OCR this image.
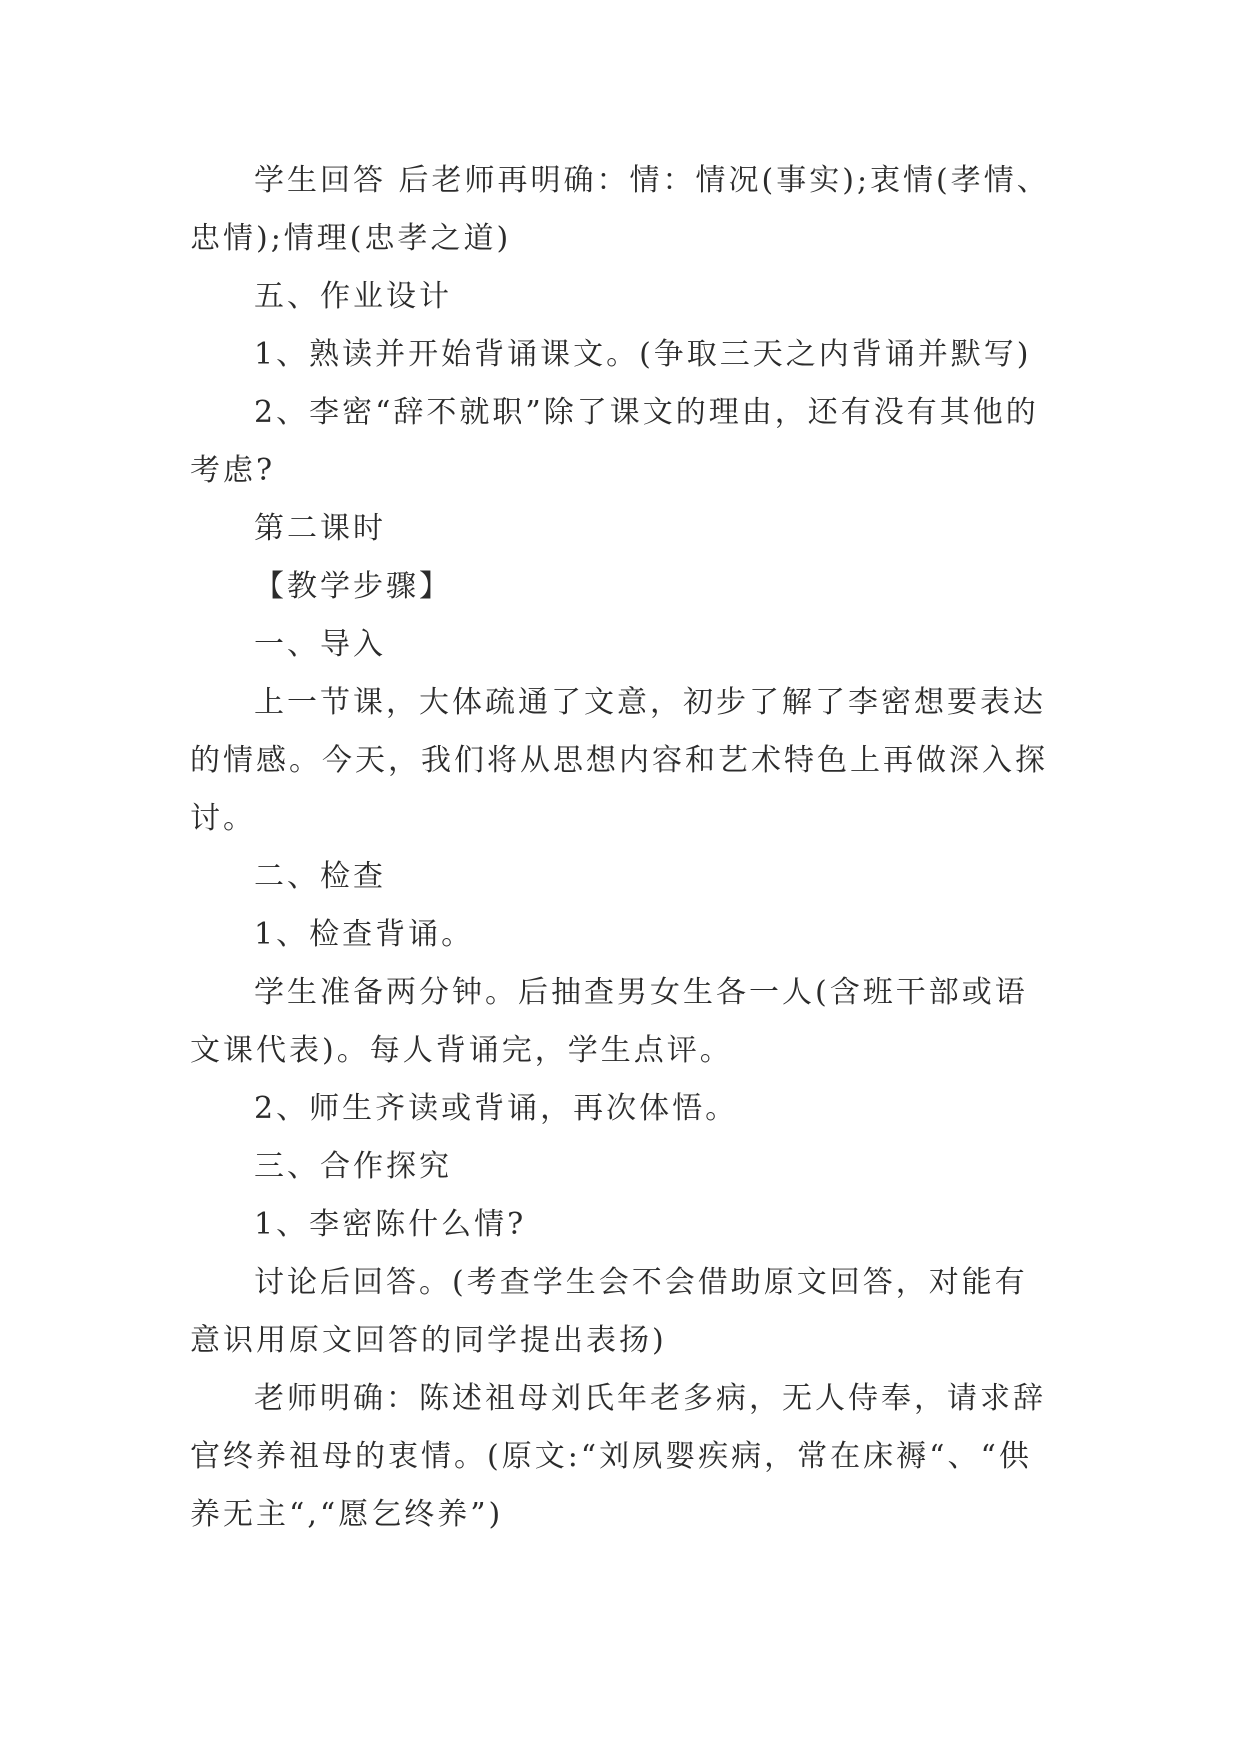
学生回答 后老师再明确：情：情况(事实);衷情(孝情、忠情);情理(忠孝之道)

五、作业设计

1、熟读并开始背诵课文。(争取三天之内背诵并默写)

2、李密“辞不就职”除了课文的理由，还有没有其他的考虑?

第二课时

【教学步骤】

一、导入

上一节课，大体疏通了文意，初步了解了李密想要表达的情感。今天，我们将从思想内容和艺术特色上再做深入探讨。

二、检查

1、检查背诵。

学生准备两分钟。后抽查男女生各一人(含班干部或语文课代表)。每人背诵完，学生点评。

2、师生齐读或背诵，再次体悟。

三、合作探究

1、李密陈什么情?

讨论后回答。(考查学生会不会借助原文回答，对能有意识用原文回答的同学提出表扬)

老师明确：陈述祖母刘氏年老多病，无人侍奉，请求辞官终养祖母的衷情。(原文:“刘夙婴疾病，常在床褥“、“供养无主“,“愿乞终养”)
